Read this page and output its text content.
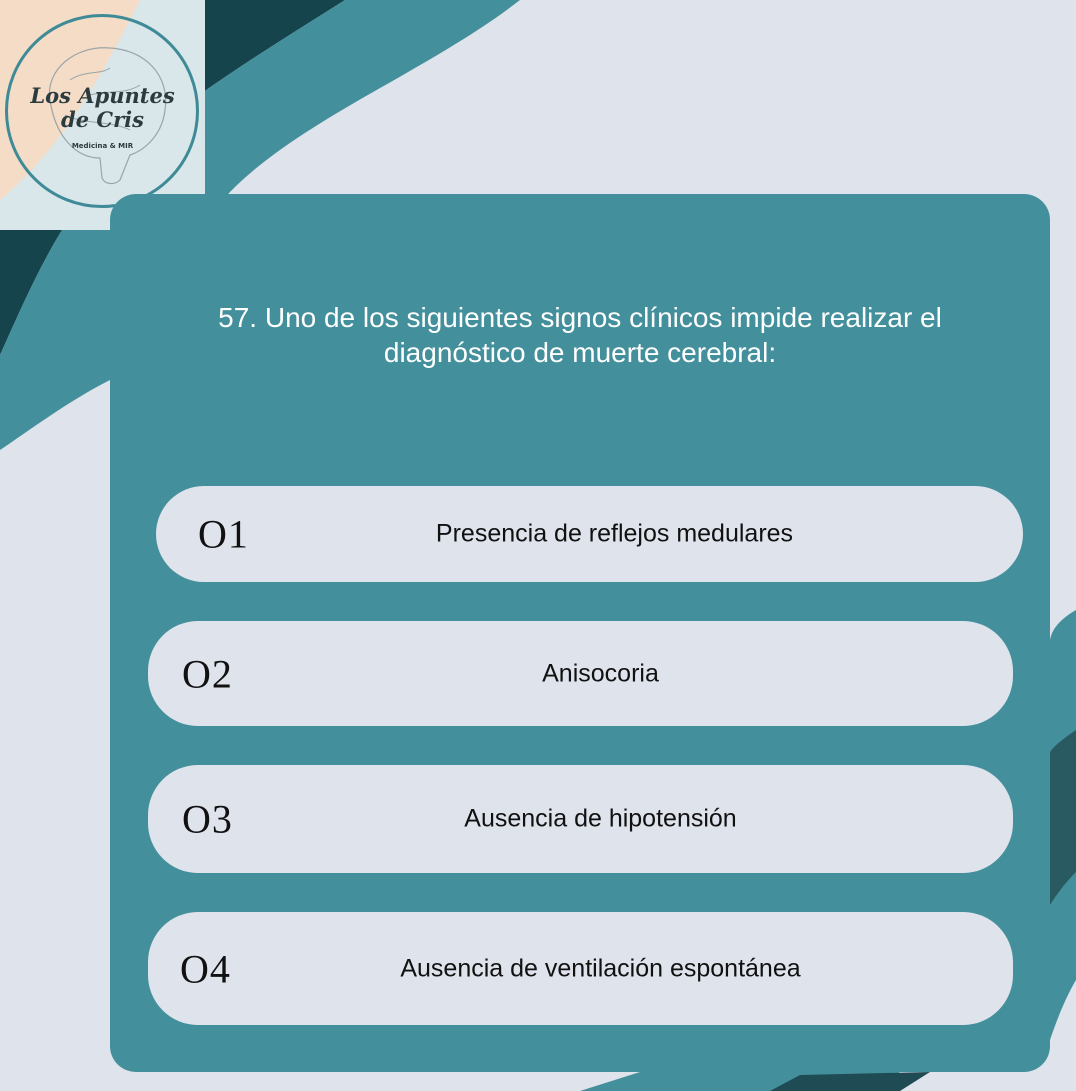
Los Apuntes
de Cris
Medicina & MIR
57. Uno de los siguientes signos clínicos impide realizar el diagnóstico de muerte cerebral:
O1	Presencia de reflejos medulares
O2	Anisocoria
O3	Ausencia de hipotensión
O4	Ausencia de ventilación espontánea
